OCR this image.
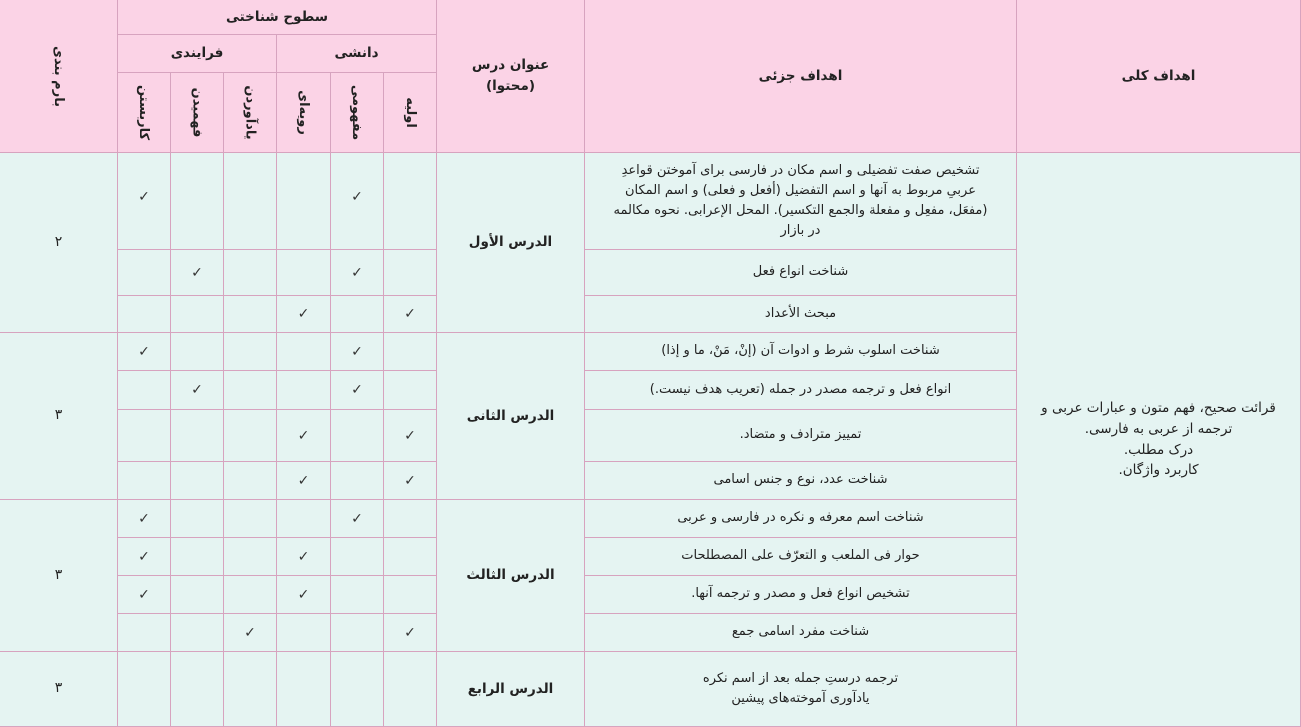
اهداف کلی
اهداف جزئی
عنوان درس
(محتوا)
سطوح شناختی
دانشی
فرایندی
اولیه
مفهومی
رویه‌ای
یادآوردن
فهمیدن
کاربستن
بارم بندی
قرائت صحیح، فهم متون و عبارات عربی و ترجمه از عربی به فارسی.
درک مطلب.
کاربرد واژگان.
الدرس الأول
۲
تشخیص صفت تفضیلی و اسم مکان در فارسی برای آموختن قواعدِ عربیِ مربوط به آنها و اسم التفضیل (أفعل و فعلی) و اسم المکان (مفعَل، مفعِل و مفعلة والجمع التکسیر). المحل الإعرابی. نحوه مکالمه در بازار
✓
✓
شناخت انواع فعل
✓
✓
مبحث الأعداد
✓
✓
الدرس الثانی
۳
شناخت اسلوب شرط و ادوات آن (إنْ، مَنْ، ما و إذا)
✓
✓
انواع فعل و ترجمه مصدر در جمله (تعریب هدف نیست.)
✓
✓
تمییز مترادف و متضاد.
✓
✓
شناخت عدد، نوع و جنس اسامی
✓
✓
الدرس الثالث
۳
شناخت اسم معرفه و نکره در فارسی و عربی
✓
✓
حوار فی الملعب و التعرّف علی المصطلحات
✓
✓
تشخیص انواع فعل و مصدر و ترجمه آنها.
✓
✓
شناخت مفرد اسامی جمع
✓
✓
الدرس الرابع
۳
ترجمه درستِ جمله بعد از اسم نکره
یادآوری آموخته‌های پیشین
